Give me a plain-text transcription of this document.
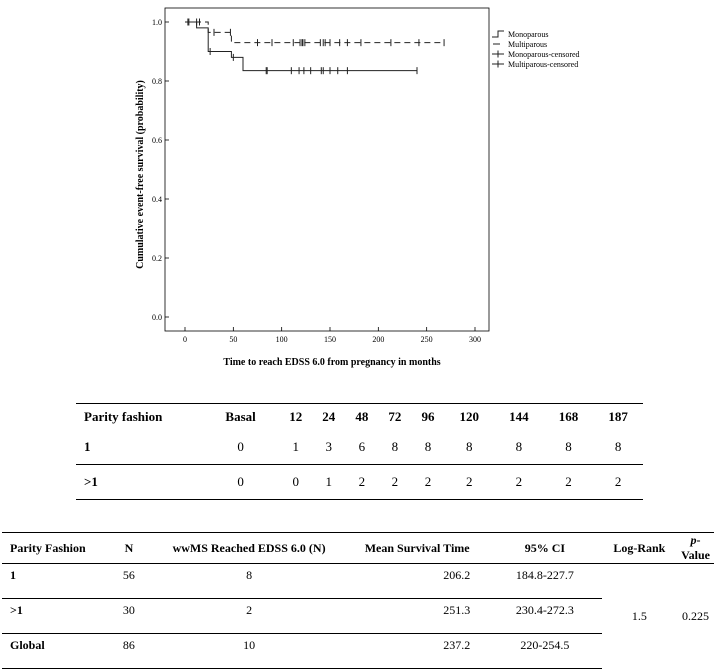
0.0
0.2
0.4
0.6
0.8
1.0
0	50	100	150	200	250	300
Time to reach EDSS 6.0 from pregnancy in months
Cumulative event-free survival (probability)
Monoparous
Multiparous
Monoparous-censored
Multiparous-censored
Parity fashion	Basal	12	24	48	72	96	120	144	168	187
1	0	1	3	6	8	8	8	8	8	8
>1	0	0	1	2	2	2	2	2	2	2
Parity Fashion	N	wwMS Reached EDSS 6.0 (N)	Mean Survival Time	95% CI	Log-Rank	p-Value
1	56	8	206.2	184.8-227.7	1.5	0.225
>1	30	2	251.3	230.4-272.3		
Global	86	10	237.2	220-254.5		
